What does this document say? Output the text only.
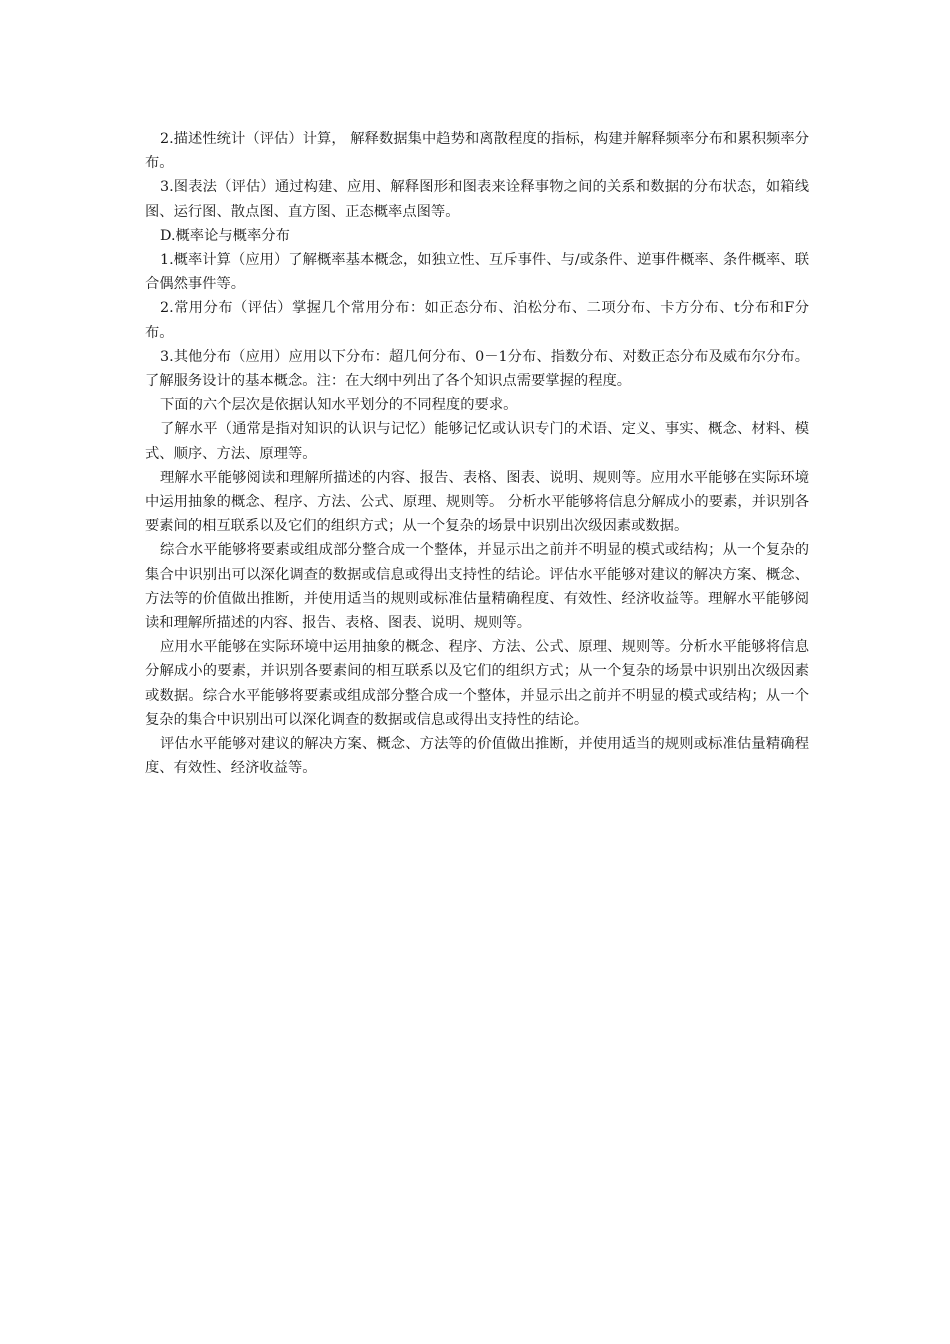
2.描述性统计（评估）计算， 解释数据集中趋势和离散程度的指标，构建并解释频率分布和累积频率分布。

3.图表法（评估）通过构建、应用、解释图形和图表来诠释事物之间的关系和数据的分布状态，如箱线图、运行图、散点图、直方图、正态概率点图等。

D.概率论与概率分布

1.概率计算（应用）了解概率基本概念，如独立性、互斥事件、与/或条件、逆事件概率、条件概率、联合偶然事件等。

2.常用分布（评估）掌握几个常用分布：如正态分布、泊松分布、二项分布、卡方分布、t分布和F分布。

3.其他分布（应用）应用以下分布：超几何分布、0－1分布、指数分布、对数正态分布及威布尔分布。了解服务设计的基本概念。注：在大纲中列出了各个知识点需要掌握的程度。

下面的六个层次是依据认知水平划分的不同程度的要求。

了解水平（通常是指对知识的认识与记忆）能够记忆或认识专门的术语、定义、事实、概念、材料、模式、顺序、方法、原理等。

理解水平能够阅读和理解所描述的内容、报告、表格、图表、说明、规则等。应用水平能够在实际环境中运用抽象的概念、程序、方法、公式、原理、规则等。 分析水平能够将信息分解成小的要素，并识别各要素间的相互联系以及它们的组织方式；从一个复杂的场景中识别出次级因素或数据。

综合水平能够将要素或组成部分整合成一个整体，并显示出之前并不明显的模式或结构；从一个复杂的集合中识别出可以深化调查的数据或信息或得出支持性的结论。评估水平能够对建议的解决方案、概念、方法等的价值做出推断，并使用适当的规则或标准估量精确程度、有效性、经济收益等。理解水平能够阅读和理解所描述的内容、报告、表格、图表、说明、规则等。

应用水平能够在实际环境中运用抽象的概念、程序、方法、公式、原理、规则等。分析水平能够将信息分解成小的要素，并识别各要素间的相互联系以及它们的组织方式；从一个复杂的场景中识别出次级因素或数据。综合水平能够将要素或组成部分整合成一个整体，并显示出之前并不明显的模式或结构；从一个复杂的集合中识别出可以深化调查的数据或信息或得出支持性的结论。

评估水平能够对建议的解决方案、概念、方法等的价值做出推断，并使用适当的规则或标准估量精确程度、有效性、经济收益等。
